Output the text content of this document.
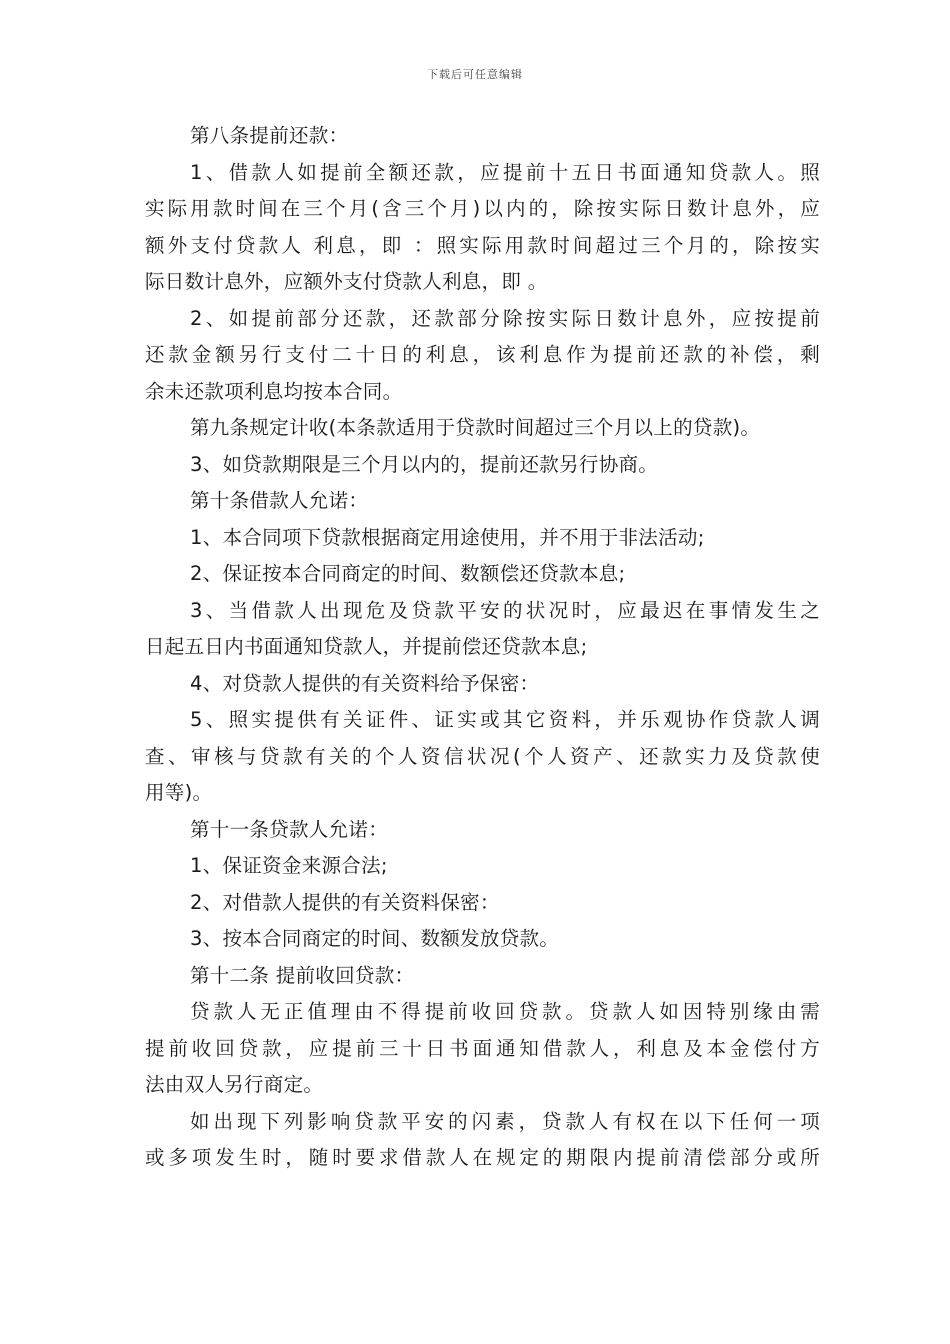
下载后可任意编辑
第八条提前还款：
1、借款人如提前全额还款，应提前十五日书面通知贷款人。照
实际用款时间在三个月(含三个月)以内的，除按实际日数计息外，应
额外支付贷款人 利息，即 ：照实际用款时间超过三个月的，除按实
际日数计息外，应额外支付贷款人利息，即 。
2、如提前部分还款，还款部分除按实际日数计息外，应按提前
还款金额另行支付二十日的利息，该利息作为提前还款的补偿，剩
余未还款项利息均按本合同。
第九条规定计收(本条款适用于贷款时间超过三个月以上的贷款)。
3、如贷款期限是三个月以内的，提前还款另行协商。
第十条借款人允诺：
1、本合同项下贷款根据商定用途使用，并不用于非法活动;
2、保证按本合同商定的时间、数额偿还贷款本息;
3、当借款人出现危及贷款平安的状况时，应最迟在事情发生之
日起五日内书面通知贷款人，并提前偿还贷款本息;
4、对贷款人提供的有关资料给予保密：
5、照实提供有关证件、证实或其它资料，并乐观协作贷款人调
查、审核与贷款有关的个人资信状况(个人资产、还款实力及贷款使
用等)。
第十一条贷款人允诺：
1、保证资金来源合法;
2、对借款人提供的有关资料保密：
3、按本合同商定的时间、数额发放贷款。
第十二条 提前收回贷款：
贷款人无正值理由不得提前收回贷款。贷款人如因特别缘由需
提前收回贷款，应提前三十日书面通知借款人，利息及本金偿付方
法由双人另行商定。
如出现下列影响贷款平安的闪素，贷款人有权在以下任何一项
或多项发生时，随时要求借款人在规定的期限内提前清偿部分或所
